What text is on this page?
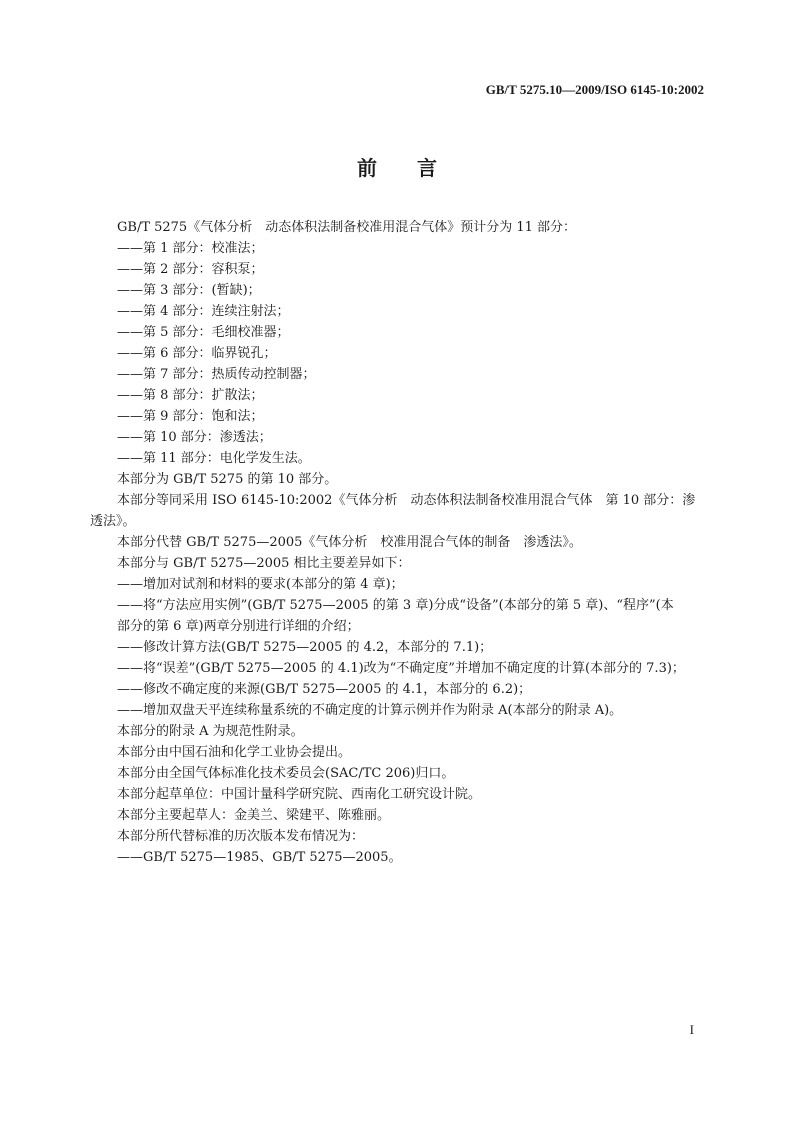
GB/T 5275.10—2009/ISO 6145-10:2002
前言

GB/T 5275《气体分析　动态体积法制备校准用混合气体》预计分为 11 部分：

——第 1 部分：校准法；

——第 2 部分：容积泵；

——第 3 部分：(暂缺)；

——第 4 部分：连续注射法；

——第 5 部分：毛细校准器；

——第 6 部分：临界锐孔；

——第 7 部分：热质传动控制器；

——第 8 部分：扩散法；

——第 9 部分：饱和法；

——第 10 部分：渗透法；

——第 11 部分：电化学发生法。

本部分为 GB/T 5275 的第 10 部分。

本部分等同采用 ISO 6145-10:2002《气体分析　动态体积法制备校准用混合气体　第 10 部分：渗

透法》。

本部分代替 GB/T 5275—2005《气体分析　校准用混合气体的制备　渗透法》。

本部分与 GB/T 5275—2005 相比主要差异如下：

——增加对试剂和材料的要求(本部分的第 4 章)；

——将“方法应用实例”(GB/T 5275—2005 的第 3 章)分成“设备”(本部分的第 5 章)、“程序”(本

部分的第 6 章)两章分别进行详细的介绍；

——修改计算方法(GB/T 5275—2005 的 4.2，本部分的 7.1)；

——将“误差”(GB/T 5275—2005 的 4.1)改为“不确定度”并增加不确定度的计算(本部分的 7.3)；

——修改不确定度的来源(GB/T 5275—2005 的 4.1，本部分的 6.2)；

——增加双盘天平连续称量系统的不确定度的计算示例并作为附录 A(本部分的附录 A)。

本部分的附录 A 为规范性附录。

本部分由中国石油和化学工业协会提出。

本部分由全国气体标准化技术委员会(SAC/TC 206)归口。

本部分起草单位：中国计量科学研究院、西南化工研究设计院。

本部分主要起草人：金美兰、梁建平、陈雅丽。

本部分所代替标准的历次版本发布情况为：

——GB/T 5275—1985、GB/T 5275—2005。

I
